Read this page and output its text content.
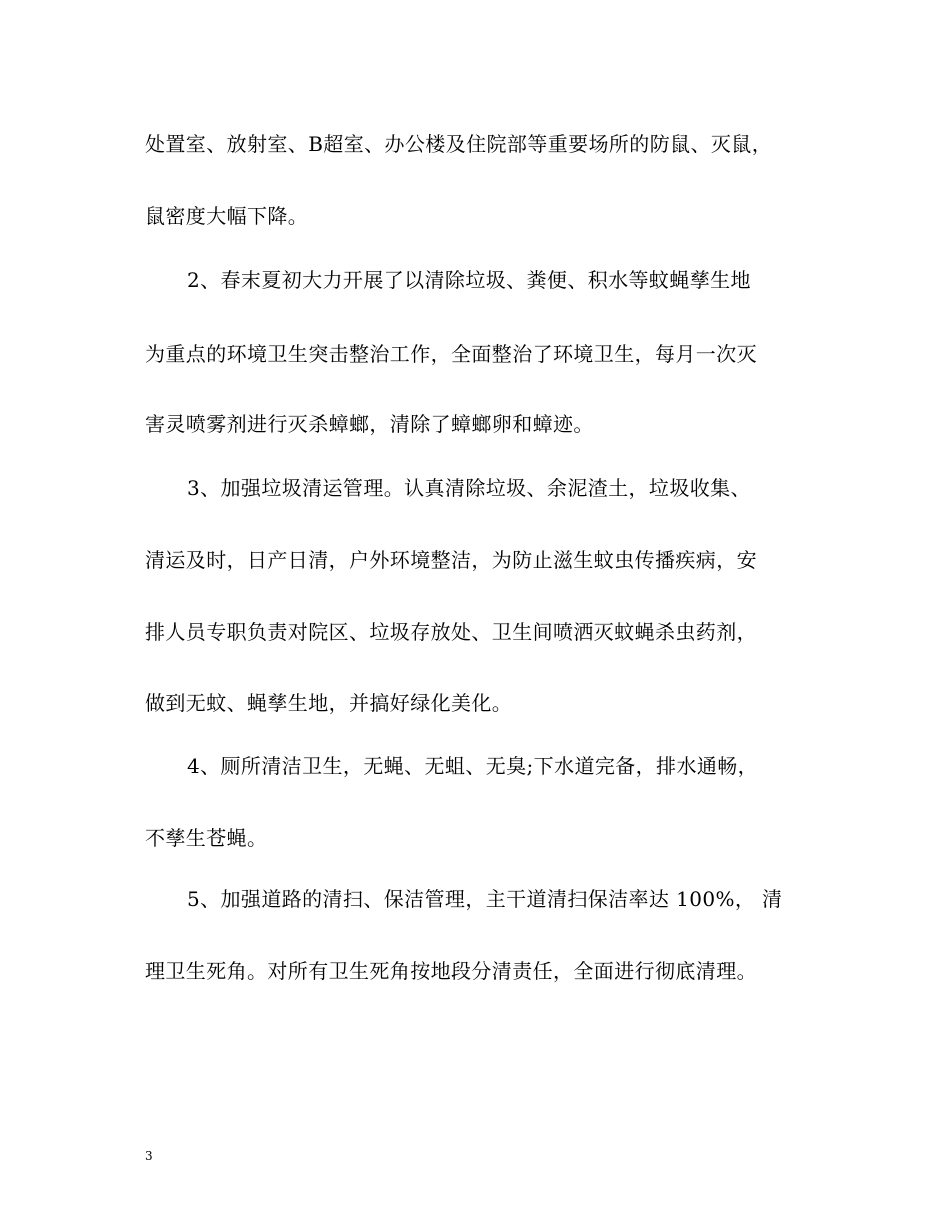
处置室、放射室、B超室、办公楼及住院部等重要场所的防鼠、灭鼠，
鼠密度大幅下降。
2、春末夏初大力开展了以清除垃圾、粪便、积水等蚊蝇孳生地
为重点的环境卫生突击整治工作，全面整治了环境卫生，每月一次灭
害灵喷雾剂进行灭杀蟑螂，清除了蟑螂卵和蟑迹。
3、加强垃圾清运管理。认真清除垃圾、余泥渣土，垃圾收集、
清运及时，日产日清，户外环境整洁，为防止滋生蚊虫传播疾病，安
排人员专职负责对院区、垃圾存放处、卫生间喷洒灭蚊蝇杀虫药剂，
做到无蚊、蝇孳生地，并搞好绿化美化。
4、厕所清洁卫生，无蝇、无蛆、无臭;下水道完备，排水通畅，
不孳生苍蝇。
5、加强道路的清扫、保洁管理，主干道清扫保洁率达 100%， 清
理卫生死角。对所有卫生死角按地段分清责任，全面进行彻底清理。
3
